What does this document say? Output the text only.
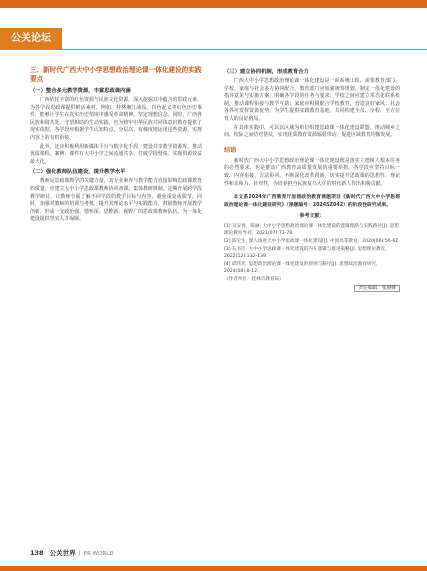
公关论坛
三、新时代广西大中小学思想政治理论课一体化建设的实践要点
（一）整合多元教学资源，丰富思政课内涵

广西依托丰富的红色资源与民族文化资源，深入挖掘其中蕴含的思政元素，为各学段思政课提供鲜活素材。例如，桂林湘江战役、百色起义等红色历史事件，能够让学生在真实历史情境中感受革命精神，坚定理想信念。同时，广西各民族和谐共处、守望相助的生动实践，也为铸牢中华民族共同体意识教育提供了现实依据。各学段应根据学生认知特点，分层次、有梯度地运用这些资源，实现内容上的有机衔接。

此外，还应积极利用新媒体平台与数字化手段，建设共享教学资源库，推动优质课程、案例、课件在大中小学之间流通共享，打破学段壁垒，实现资源效益最大化。

（二）强化教师队伍建设，提升教学水平

教师是思政课教学的关键力量，其专业素养与教学能力直接影响思政课教育的质量。应建立大中小学思政课教师协同备课、集体教研机制，定期开展跨学段教学研讨，让教师全面了解不同学段的教学目标与内容，避免重复或脱节。同时，加强对教师的培训与考核，提升其理论水平与实践能力，鼓励教师开展教学创新，形成一支政治强、情怀深、思维新、视野广的思政课教师队伍，为一体化建设提供坚实人才保障。

（三）建立协同机制，形成教育合力

广西大中小学思想政治理论课一体化建设是一项系统工程，需要教育部门、学校、家庭与社会多方协同配合。教育部门应加强统筹规划，制定一体化建设的指导意见与实施方案，明确各学段的任务与要求；学校之间应建立常态化联系机制，推动课程衔接与教学互助；家庭应积极配合学校教育，营造良好家风；社会各界应发挥资源优势，为学生提供实践教育基地，共同构建全员、全程、全方位育人的良好格局。

在具体实践中，可以以区域为单位组建思政课一体化建设联盟，推动城乡之间、校际之间结对帮扶，实现优质教育资源辐射带动，促进区域教育均衡发展。

结语

新时代广西大中小学思想政治理论课一体化建设既是落实立德树人根本任务的必然要求，也是推动广西教育高质量发展的重要举措。各学段应坚持目标一致、内容衔接、方法协同，不断深化改革创新，切实提升思政课的思想性、理论性和亲和力、针对性，为培养担当民族复兴大任的时代新人作出积极贡献。

本文系2024年广西教育厅思想政治教育课题项目《新时代广西大中小学思想政治理论课一体化建设研究》（课题编号：2024SZ042）的阶段性研究成果。

参考文献：
[1] 吴安春，陈丽. 大中小学思想政治理论课一体化建设的逻辑理路与实践路径[J]. 思想理论教育导刊，2021(07):73-78.
[2] 陈宝生. 深入推进大中小学思政课一体化建设[J]. 中国高等教育，2020(06):56-62.
[3] 石书臣. 大中小学思政课一体化建设的内在逻辑与推进策略[J]. 思想理论教育，2022(12):132-139.
[4] 邱伟光. 思想政治理论课一体化建设的原则与路径[J]. 思想政治教育研究，2024(08):8-12.
（作者单位：桂林市教育局）
责任编辑：张丽娜
138 公关世界 | PR WORLD
